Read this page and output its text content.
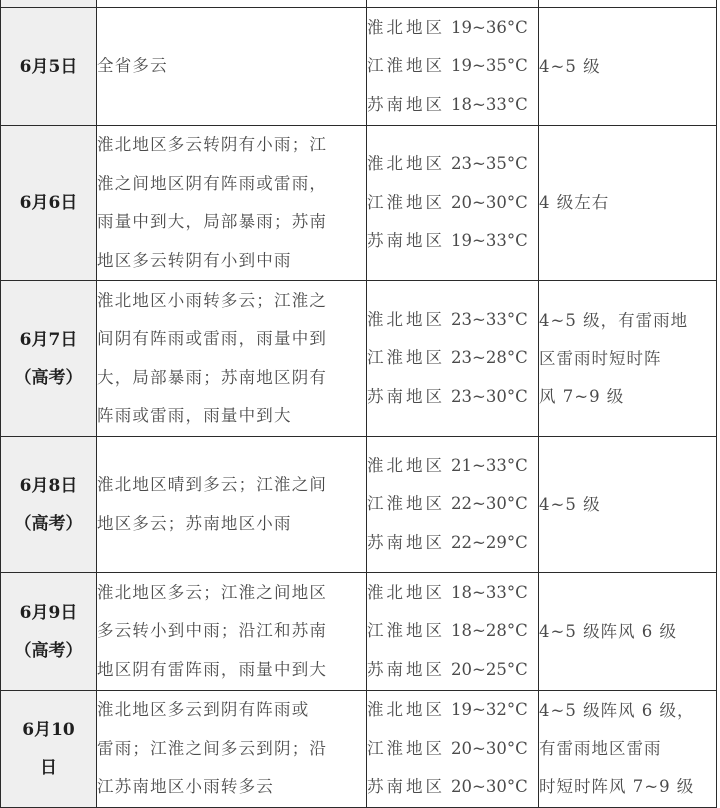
6月5日	全省多云	淮北地区 19~36°C
江淮地区 19~35°C
苏南地区 18~33°C	4~5 级

6月6日	淮北地区多云转阴有小雨；江
淮之间地区阴有阵雨或雷雨，
雨量中到大，局部暴雨；苏南
地区多云转阴有小到中雨	淮北地区 23~35°C
江淮地区 20~30°C
苏南地区 19~33°C	4 级左右

6月7日
（高考）	淮北地区小雨转多云；江淮之
间阴有阵雨或雷雨，雨量中到
大，局部暴雨；苏南地区阴有
阵雨或雷雨，雨量中到大	淮北地区 23~33°C
江淮地区 23~28°C
苏南地区 23~30°C	4~5 级，有雷雨地
区雷雨时短时阵
风 7~9 级

6月8日
（高考）	淮北地区晴到多云；江淮之间
地区多云；苏南地区小雨	淮北地区 21~33°C
江淮地区 22~30°C
苏南地区 22~29°C	4~5 级

6月9日
（高考）	淮北地区多云；江淮之间地区
多云转小到中雨；沿江和苏南
地区阴有雷阵雨，雨量中到大	淮北地区 18~33°C
江淮地区 18~28°C
苏南地区 20~25°C	4~5 级阵风 6 级

6月10
日	淮北地区多云到阴有阵雨或
雷雨；江淮之间多云到阴；沿
江苏南地区小雨转多云	淮北地区 19~32°C
江淮地区 20~30°C
苏南地区 20~30°C	4~5 级阵风 6 级，
有雷雨地区雷雨
时短时阵风 7~9 级
